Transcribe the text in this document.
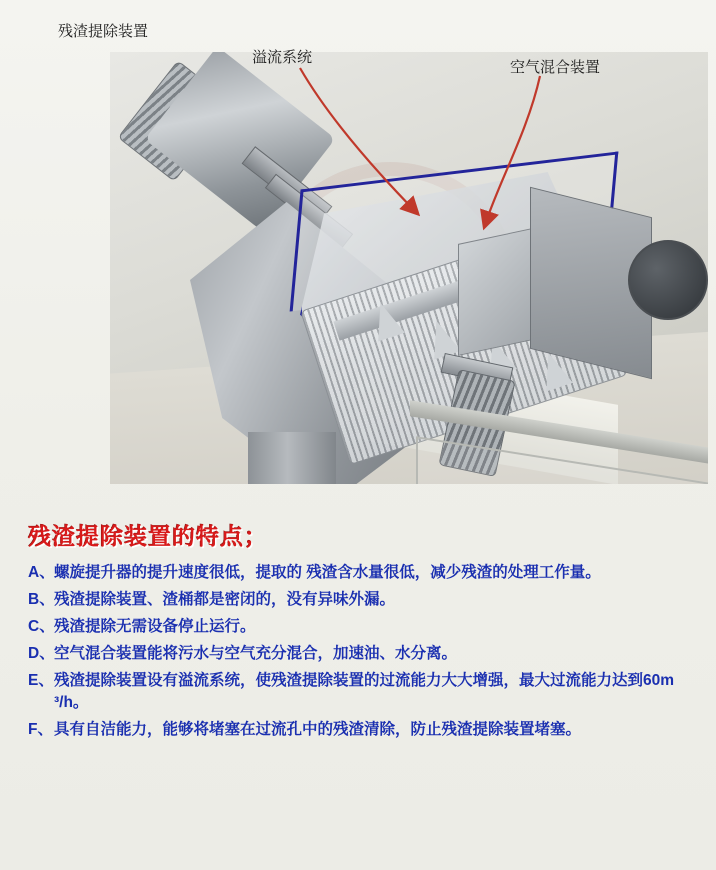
残渣提除装置
溢流系统
空气混合装置
残渣提除装置的特点；
A、 螺旋提升器的提升速度很低，提取的 残渣含水量很低，减少残渣的处理工作量。
B、 残渣提除装置、渣桶都是密闭的，没有异味外漏。
C、 残渣提除无需设备停止运行。
D、 空气混合装置能将污水与空气充分混合，加速油、水分离。
E、 残渣提除装置设有溢流系统，使残渣提除装置的过流能力大大增强，最大过流能力达到60m ³/h。
F、 具有自洁能力，能够将堵塞在过流孔中的残渣清除，防止残渣提除装置堵塞。
